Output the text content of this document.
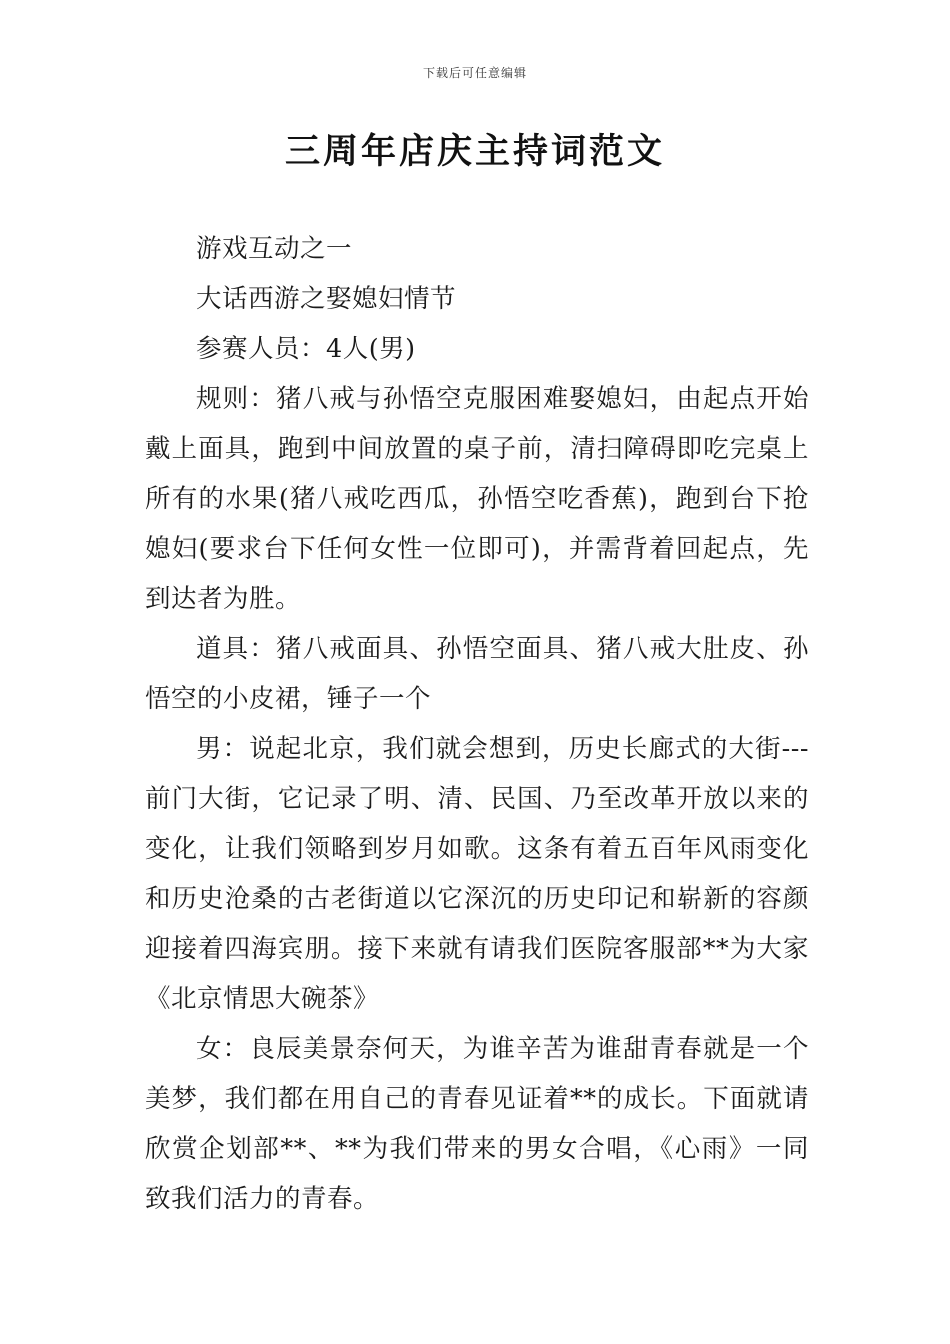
下载后可任意编辑
三周年店庆主持词范文

游戏互动之一

大话西游之娶媳妇情节

参赛人员：4人(男)

规则：猪八戒与孙悟空克服困难娶媳妇，由起点开始戴上面具，跑到中间放置的桌子前，清扫障碍即吃完桌上所有的水果(猪八戒吃西瓜，孙悟空吃香蕉)，跑到台下抢媳妇(要求台下任何女性一位即可)，并需背着回起点，先到达者为胜。

道具：猪八戒面具、孙悟空面具、猪八戒大肚皮、孙悟空的小皮裙，锤子一个

男：说起北京，我们就会想到，历史长廊式的大街---前门大街，它记录了明、清、民国、乃至改革开放以来的变化，让我们领略到岁月如歌。这条有着五百年风雨变化和历史沧桑的古老街道以它深沉的历史印记和崭新的容颜迎接着四海宾朋。接下来就有请我们医院客服部**为大家《北京情思大碗茶》

女：良辰美景奈何天，为谁辛苦为谁甜青春就是一个美梦，我们都在用自己的青春见证着**的成长。下面就请欣赏企划部**、**为我们带来的男女合唱，《心雨》一同致我们活力的青春。
